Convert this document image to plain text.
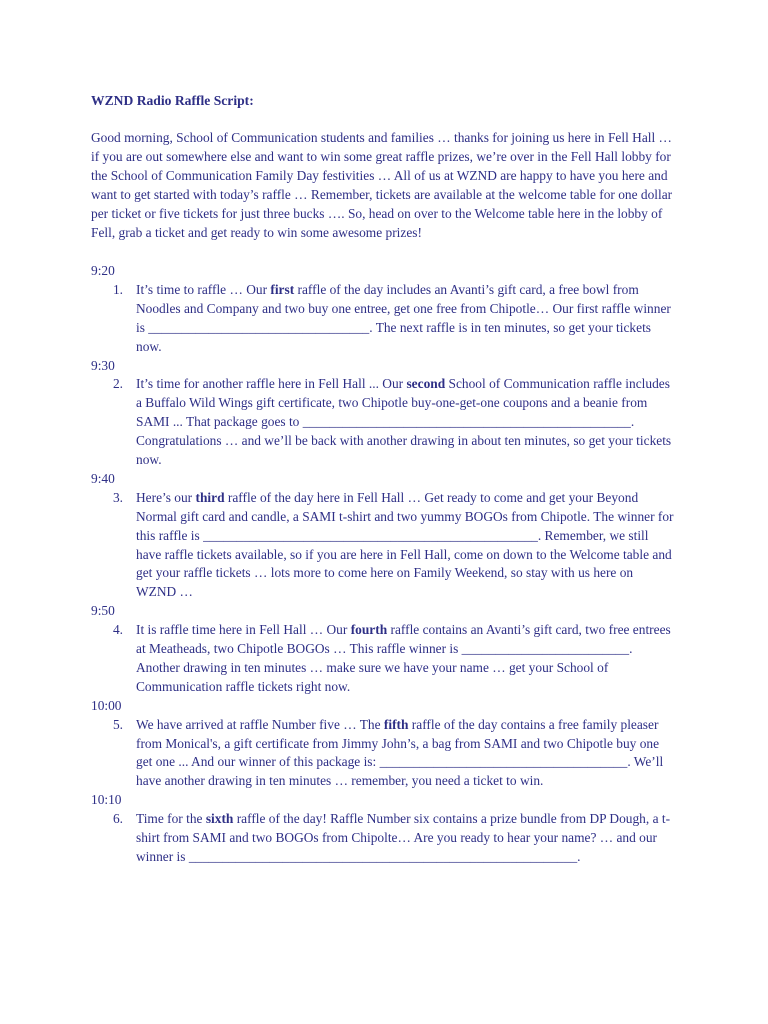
WZND Radio Raffle Script:
Good morning, School of Communication students and families … thanks for joining us here in Fell Hall … if you are out somewhere else and want to win some great raffle prizes, we’re over in the Fell Hall lobby for the School of Communication Family Day festivities … All of us at WZND are happy to have you here and want to get started with today’s raffle … Remember, tickets are available at the welcome table for one dollar per ticket or five tickets for just three bucks …. So, head on over to the Welcome table here in the lobby of Fell, grab a ticket and get ready to win some awesome prizes!
9:20
1. It’s time to raffle … Our first raffle of the day includes an Avanti’s gift card, a free bowl from Noodles and Company and two buy one entree, get one free from Chipotle… Our first raffle winner is _________________________________. The next raffle is in ten minutes, so get your tickets now.
9:30
2. It’s time for another raffle here in Fell Hall ... Our second School of Communication raffle includes a Buffalo Wild Wings gift certificate, two Chipotle buy-one-get-one coupons and a beanie from SAMI ... That package goes to _________________________________________________. Congratulations … and we’ll be back with another drawing in about ten minutes, so get your tickets now.
9:40
3. Here’s our third raffle of the day here in Fell Hall … Get ready to come and get your Beyond Normal gift card and candle, a SAMI t-shirt and two yummy BOGOs from Chipotle. The winner for this raffle is __________________________________________________. Remember, we still have raffle tickets available, so if you are here in Fell Hall, come on down to the Welcome table and get your raffle tickets … lots more to come here on Family Weekend, so stay with us here on WZND …
9:50
4. It is raffle time here in Fell Hall … Our fourth raffle contains an Avanti’s gift card, two free entrees at Meatheads, two Chipotle BOGOs … This raffle winner is _________________________. Another drawing in ten minutes … make sure we have your name … get your School of Communication raffle tickets right now.
10:00
5. We have arrived at raffle Number five … The fifth raffle of the day contains a free family pleaser from Monical's, a gift certificate from Jimmy John’s, a bag from SAMI and two Chipotle buy one get one ... And our winner of this package is: _____________________________________. We’ll have another drawing in ten minutes … remember, you need a ticket to win.
10:10
6. Time for the sixth raffle of the day! Raffle Number six contains a prize bundle from DP Dough, a t-shirt from SAMI and two BOGOs from Chipolte… Are you ready to hear your name? … and our winner is __________________________________________________________.
